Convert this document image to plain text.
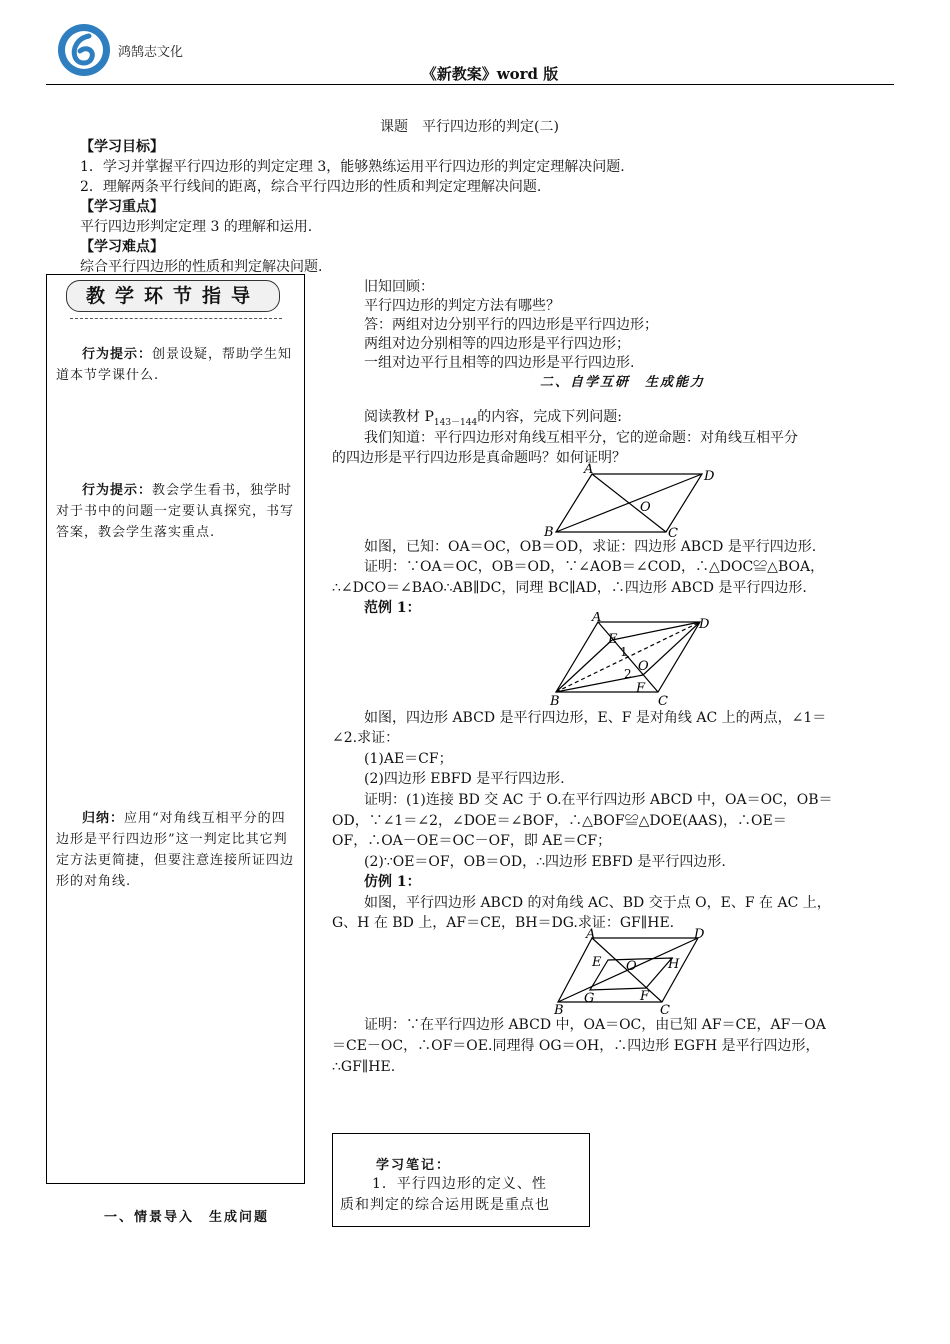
鸿鹄志文化
《新教案》word 版
课题　平行四边形的判定(二)
【学习目标】
1．学习并掌握平行四边形的判定定理 3，能够熟练运用平行四边形的判定定理解决问题.
2．理解两条平行线间的距离，综合平行四边形的性质和判定定理解决问题.
【学习重点】
平行四边形判定定理 3 的理解和运用.
【学习难点】
综合平行四边形的性质和判定解决问题.
教学环节指导
行为提示：创景设疑，帮助学生知道本节学课什么.
行为提示：教会学生看书，独学时对于书中的问题一定要认真探究，书写答案，教会学生落实重点.
归纳：应用“对角线互相平分的四边形是平行四边形”这一判定比其它判定方法更简捷，但要注意连接所证四边形的对角线.
一、情景导入　生成问题
旧知回顾：
平行四边形的判定方法有哪些？
答：两组对边分别平行的四边形是平行四边形；
两组对边分别相等的四边形是平行四边形；
一组对边平行且相等的四边形是平行四边形.
二、自学互研　生成能力
阅读教材 $P_{143-144}$的内容，完成下列问题:
我们知道：平行四边形对角线互相平分，它的逆命题：对角线互相平分
的四边形是平行四边形是真命题吗？如何证明？
A	D
B	C
O
如图，已知：OA＝OC，OB＝OD，求证：四边形 ABCD 是平行四边形.
证明：∵OA＝OC，OB＝OD，∵∠AOB＝∠COD，∴△DOC≌△BOA，
∴∠DCO＝∠BAO∴AB∥DC，同理 BC∥AD，∴四边形 ABCD 是平行四边形.
范例 1：
A	D
B	C
O
E
F
1
2
如图，四边形 ABCD 是平行四边形，E、F 是对角线 AC 上的两点，∠1＝
∠2.求证：
(1)AE＝CF；
(2)四边形 EBFD 是平行四边形.
证明：(1)连接 BD 交 AC 于 O.在平行四边形 ABCD 中，OA＝OC，OB＝
OD，∵∠1＝∠2，∠DOE＝∠BOF，∴△BOF≌△DOE(AAS)，∴OE＝
OF，∴OA－OE＝OC－OF，即 AE＝CF；
(2)∵OE＝OF，OB＝OD，∴四边形 EBFD 是平行四边形.
仿例 1：
如图，平行四边形 ABCD 的对角线 AC、BD 交于点 O，E、F 在 AC 上，
G、H 在 BD 上，AF＝CE，BH＝DG.求证：GF∥HE.
A	D
B	C
O
E
F
G
H
证明：∵在平行四边形 ABCD 中，OA＝OC，由已知 AF＝CE，AF－OA
＝CE－OC，∴OF＝OE.同理得 OG＝OH，∴四边形 EGFH 是平行四边形，
∴GF∥HE.
学习笔记：
1．平行四边形的定义、性
质和判定的综合运用既是重点也
